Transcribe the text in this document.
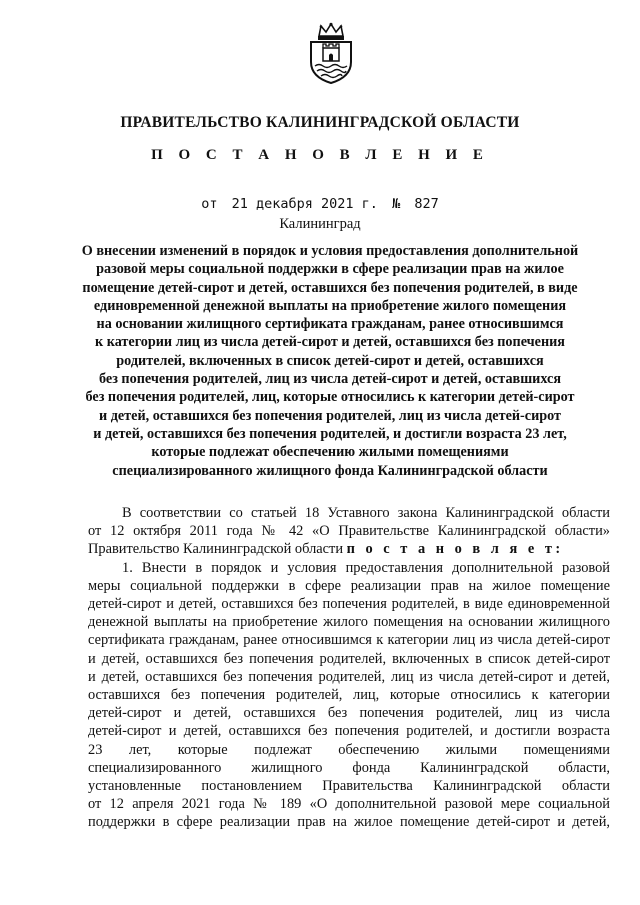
ПРАВИТЕЛЬСТВО КАЛИНИНГРАДСКОЙ ОБЛАСТИ
П О С Т А Н О В Л Е Н И Е
от 21 декабря 2021 г. № 827
Калининград
О внесении изменений в порядок и условия предоставления дополнительной
разовой меры социальной поддержки в сфере реализации прав на жилое
помещение детей-сирот и детей, оставшихся без попечения родителей, в виде
единовременной денежной выплаты на приобретение жилого помещения
на основании жилищного сертификата гражданам, ранее относившимся
к категории лиц из числа детей-сирот и детей, оставшихся без попечения
родителей, включенных в список детей-сирот и детей, оставшихся
без попечения родителей, лиц из числа детей-сирот и детей, оставшихся
без попечения родителей, лиц, которые относились к категории детей-сирот
и детей, оставшихся без попечения родителей, лиц из числа детей-сирот
и детей, оставшихся без попечения родителей, и достигли возраста 23 лет,
которые подлежат обеспечению жилыми помещениями
специализированного жилищного фонда Калининградской области
В соответствии со статьей 18 Уставного закона Калининградской области
от 12 октября 2011 года № 42 «О Правительстве Калининградской области»
Правительство Калининградской области п о с т а н о в л я е т:
1. Внести в порядок и условия предоставления дополнительной разовой
меры социальной поддержки в сфере реализации прав на жилое помещение
детей-сирот и детей, оставшихся без попечения родителей, в виде единовременной
денежной выплаты на приобретение жилого помещения на основании жилищного
сертификата гражданам, ранее относившимся к категории лиц из числа детей-сирот
и детей, оставшихся без попечения родителей, включенных в список детей-сирот
и детей, оставшихся без попечения родителей, лиц из числа детей-сирот и детей,
оставшихся без попечения родителей, лиц, которые относились к категории
детей-сирот и детей, оставшихся без попечения родителей, лиц из числа
детей-сирот и детей, оставшихся без попечения родителей, и достигли возраста
23 лет, которые подлежат обеспечению жилыми помещениями
специализированного жилищного фонда Калининградской области,
установленные постановлением Правительства Калининградской области
от 12 апреля 2021 года № 189 «О дополнительной разовой мере социальной
поддержки в сфере реализации прав на жилое помещение детей-сирот и детей,
